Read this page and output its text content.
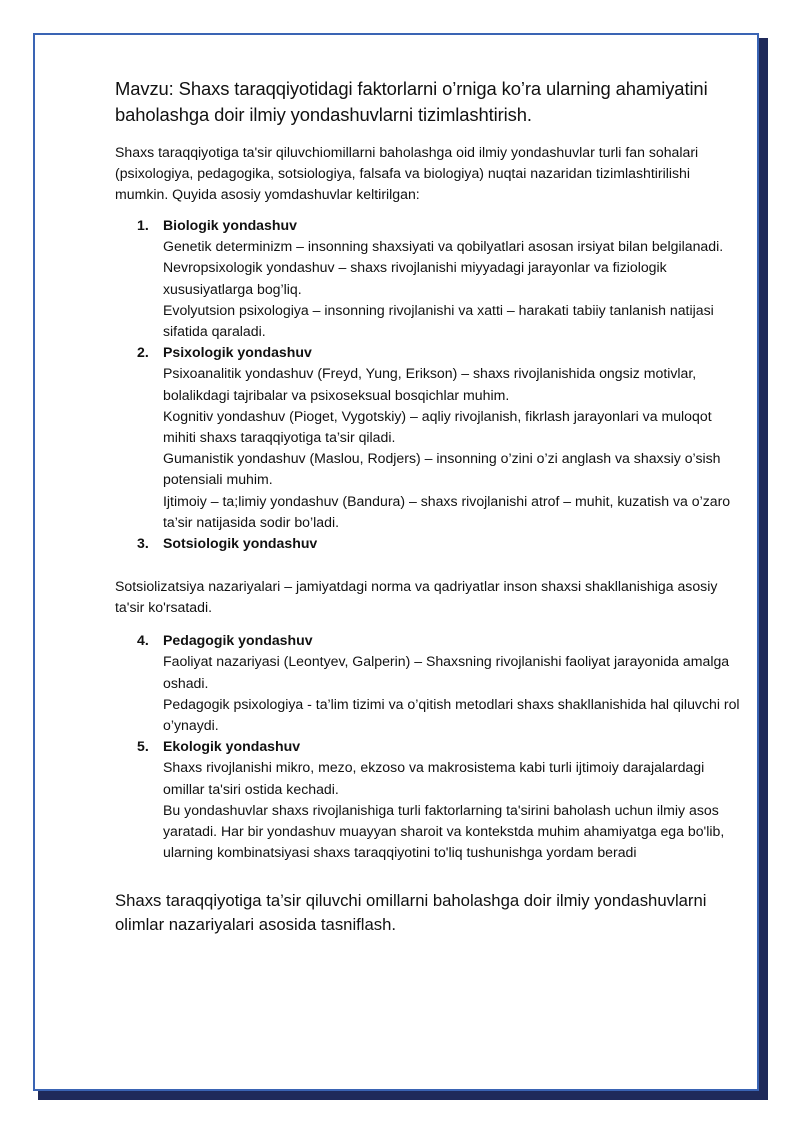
Mavzu: Shaxs taraqqiyotidagi faktorlarni o’rniga ko’ra ularning ahamiyatini baholashga doir ilmiy yondashuvlarni tizimlashtirish.

Shaxs taraqqiyotiga ta'sir qiluvchiomillarni baholashga oid ilmiy yondashuvlar turli fan sohalari (psixologiya, pedagogika, sotsiologiya, falsafa va biologiya) nuqtai nazaridan tizimlashtirilishi mumkin. Quyida asosiy yomdashuvlar keltirilgan:

1. Biologik yondashuv
Genetik determinizm – insonning shaxsiyati va qobilyatlari asosan irsiyat bilan belgilanadi.
Nevropsixologik yondashuv – shaxs rivojlanishi miyyadagi jarayonlar va fiziologik xususiyatlarga bog’liq.
Evolyutsion psixologiya – insonning rivojlanishi va xatti – harakati tabiiy tanlanish natijasi sifatida qaraladi.
2. Psixologik yondashuv
Psixoanalitik yondashuv (Freyd, Yung, Erikson) – shaxs rivojlanishida ongsiz motivlar, bolalikdagi tajribalar va psixoseksual bosqichlar muhim.
Kognitiv yondashuv (Pioget, Vygotskiy) – aqliy rivojlanish, fikrlash jarayonlari va muloqot mihiti shaxs taraqqiyotiga ta’sir qiladi.
Gumanistik yondashuv (Maslou, Rodjers) – insonning o’zini o’zi anglash va shaxsiy o’sish potensiali muhim.
Ijtimoiy – ta;limiy yondashuv (Bandura) – shaxs rivojlanishi atrof – muhit, kuzatish va o’zaro ta’sir natijasida sodir bo’ladi.
3. Sotsiologik yondashuv

Sotsiolizatsiya nazariyalari – jamiyatdagi norma va qadriyatlar inson shaxsi shakllanishiga asosiy ta'sir ko'rsatadi.

4. Pedagogik yondashuv
Faoliyat nazariyasi (Leontyev, Galperin) – Shaxsning rivojlanishi faoliyat jarayonida amalga oshadi.
Pedagogik psixologiya - ta’lim tizimi va o’qitish metodlari shaxs shakllanishida hal qiluvchi rol o’ynaydi.
5. Ekologik yondashuv
Shaxs rivojlanishi mikro, mezo, ekzoso va makrosistema kabi turli ijtimoiy darajalardagi omillar ta'siri ostida kechadi.
Bu yondashuvlar shaxs rivojlanishiga turli faktorlarning ta'sirini baholash uchun ilmiy asos yaratadi. Har bir yondashuv muayyan sharoit va kontekstda muhim ahamiyatga ega bo'lib, ularning kombinatsiyasi shaxs taraqqiyotini to'liq tushunishga yordam beradi

Shaxs taraqqiyotiga ta’sir qiluvchi omillarni baholashga doir ilmiy yondashuvlarni olimlar nazariyalari asosida tasniflash.
